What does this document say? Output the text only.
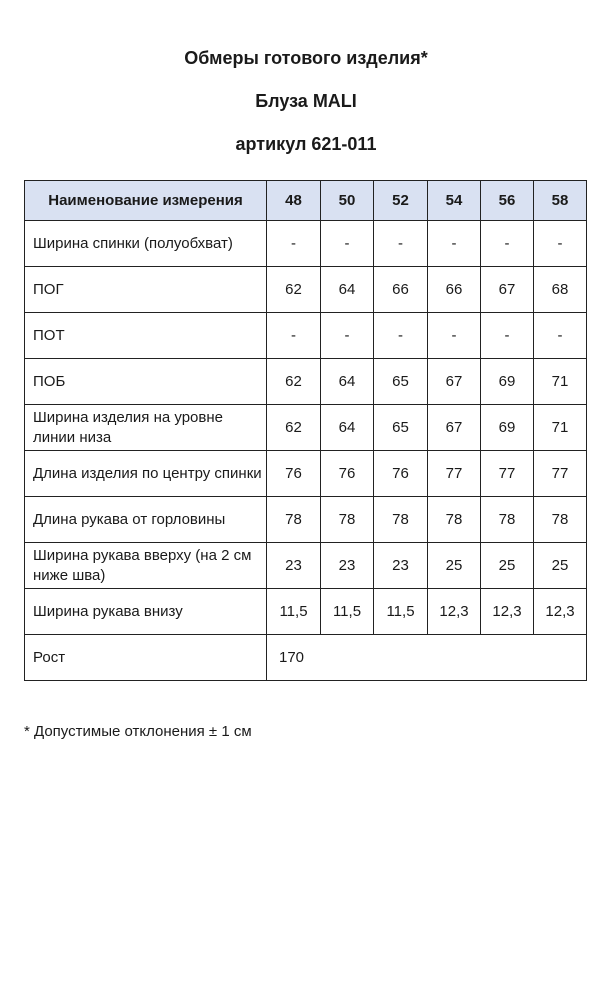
Обмеры готового изделия*
Блуза MALI
артикул 621-011
Наименование измерения	48	50	52	54	56	58
Ширина спинки (полуобхват)	-	-	-	-	-	-
ПОГ	62	64	66	66	67	68
ПОТ	-	-	-	-	-	-
ПОБ	62	64	65	67	69	71
Ширина изделия на уровне линии низа	62	64	65	67	69	71
Длина изделия по центру спинки	76	76	76	77	77	77
Длина рукава от горловины	78	78	78	78	78	78
Ширина рукава вверху (на 2 см ниже шва)	23	23	23	25	25	25
Ширина рукава внизу	11,5	11,5	11,5	12,3	12,3	12,3
Рост	170					
* Допустимые отклонения ± 1 см
